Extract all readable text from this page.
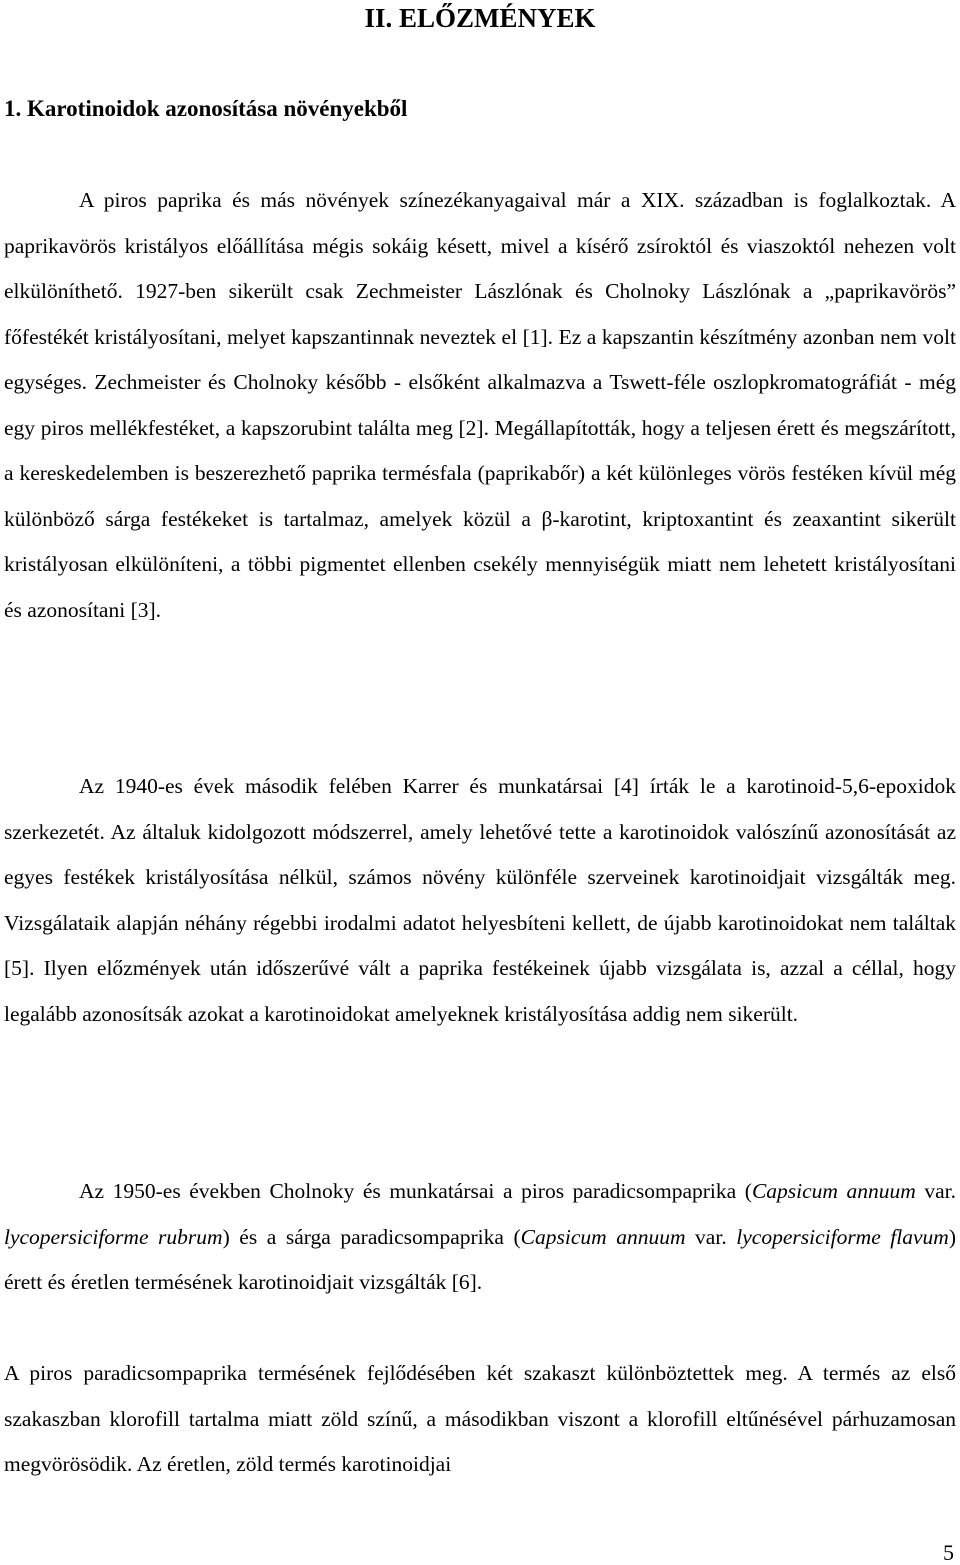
II. ELŐZMÉNYEK
1. Karotinoidok azonosítása növényekből

A piros paprika és más növények színezékanyagaival már a XIX. században is foglalkoztak. A paprikavörös kristályos előállítása mégis sokáig késett, mivel a kísérő zsíroktól és viaszoktól nehezen volt elkülöníthető. 1927-ben sikerült csak Zechmeister Lászlónak és Cholnoky Lászlónak a „paprikavörös” főfestékét kristályosítani, melyet kapszantinnak neveztek el [1]. Ez a kapszantin készítmény azonban nem volt egységes. Zechmeister és Cholnoky később - elsőként alkalmazva a Tswett-féle oszlopkromatográfiát - még egy piros mellékfestéket, a kapszorubint találta meg [2]. Megállapították, hogy a teljesen érett és megszárított, a kereskedelemben is beszerezhető paprika termésfala (paprikabőr) a két különleges vörös festéken kívül még különböző sárga festékeket is tartalmaz, amelyek közül a β-karotint, kriptoxantint és zeaxantint sikerült kristályosan elkülöníteni, a többi pigmentet ellenben csekély mennyiségük miatt nem lehetett kristályosítani és azonosítani [3].

Az 1940-es évek második felében Karrer és munkatársai [4] írták le a karotinoid-5,6-epoxidok szerkezetét. Az általuk kidolgozott módszerrel, amely lehetővé tette a karotinoidok valószínű azonosítását az egyes festékek kristályosítása nélkül, számos növény különféle szerveinek karotinoidjait vizsgálták meg. Vizsgálataik alapján néhány régebbi irodalmi adatot helyesbíteni kellett, de újabb karotinoidokat nem találtak [5]. Ilyen előzmények után időszerűvé vált a paprika festékeinek újabb vizsgálata is, azzal a céllal, hogy legalább azonosítsák azokat a karotinoidokat amelyeknek kristályosítása addig nem sikerült.

Az 1950-es években Cholnoky és munkatársai a piros paradicsompaprika (Capsicum annuum var. lycopersiciforme rubrum) és a sárga paradicsompaprika (Capsicum annuum var. lycopersiciforme flavum) érett és éretlen termésének karotinoidjait vizsgálták [6].

A piros paradicsompaprika termésének fejlődésében két szakaszt különböztettek meg. A termés az első szakaszban klorofill tartalma miatt zöld színű, a másodikban viszont a klorofill eltűnésével párhuzamosan megvörösödik. Az éretlen, zöld termés karotinoidjai

5
